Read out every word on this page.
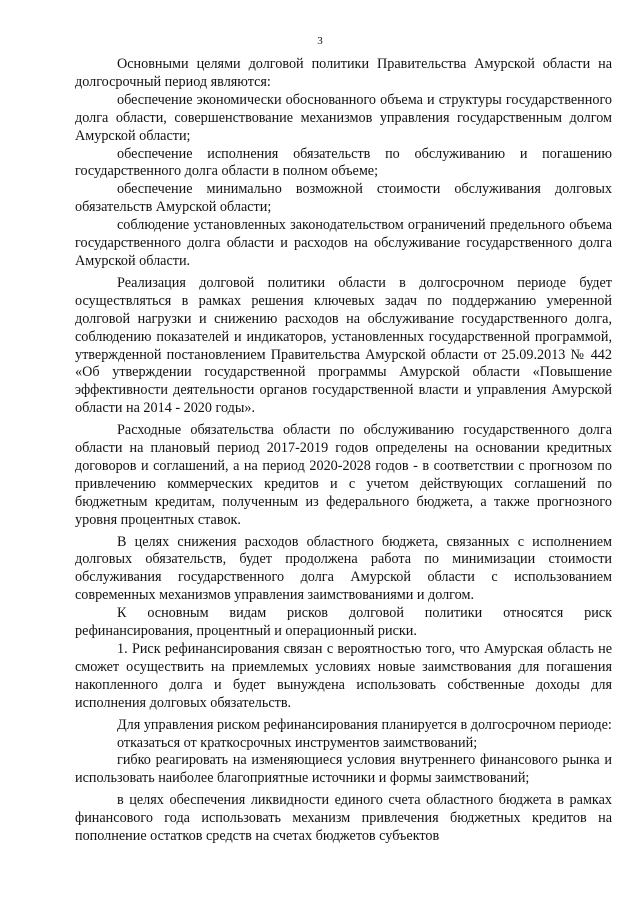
3

Основными целями долговой политики Правительства Амурской области на долгосрочный период являются:

обеспечение экономически обоснованного объема и структуры государственного долга области, совершенствование механизмов управления государственным долгом Амурской области;

обеспечение исполнения обязательств по обслуживанию и погашению государственного долга области в полном объеме;

обеспечение минимально возможной стоимости обслуживания долговых обязательств Амурской области;

соблюдение установленных законодательством ограничений предельного объема государственного долга области и расходов на обслуживание государственного долга Амурской области.

Реализация долговой политики области в долгосрочном периоде будет осуществляться в рамках решения ключевых задач по поддержанию умеренной долговой нагрузки и снижению расходов на обслуживание государственного долга, соблюдению показателей и индикаторов, установленных государственной программой, утвержденной постановлением Правительства Амурской области от 25.09.2013 № 442 «Об утверждении государственной программы Амурской области «Повышение эффективности деятельности органов государственной власти и управления Амурской области на 2014 - 2020 годы».

Расходные обязательства области по обслуживанию государственного долга области на плановый период 2017-2019 годов определены на основании кредитных договоров и соглашений, а на период 2020-2028 годов - в соответствии с прогнозом по привлечению коммерческих кредитов и с учетом действующих соглашений по бюджетным кредитам, полученным из федерального бюджета, а также прогнозного уровня процентных ставок.

В целях снижения расходов областного бюджета, связанных с исполнением долговых обязательств, будет продолжена работа по минимизации стоимости обслуживания государственного долга Амурской области с использованием современных механизмов управления заимствованиями и долгом.

К основным видам рисков долговой политики относятся риск рефинансирования, процентный и операционный риски.

1. Риск рефинансирования связан с вероятностью того, что Амурская область не сможет осуществить на приемлемых условиях новые заимствования для погашения накопленного долга и будет вынуждена использовать собственные доходы для исполнения долговых обязательств.

Для управления риском рефинансирования планируется в долгосрочном периоде:

отказаться от краткосрочных инструментов заимствований;

гибко реагировать на изменяющиеся условия внутреннего финансового рынка и использовать наиболее благоприятные источники и формы заимствований;

в целях обеспечения ликвидности единого счета областного бюджета в рамках финансового года использовать механизм привлечения бюджетных кредитов на пополнение остатков средств на счетах бюджетов субъектов
